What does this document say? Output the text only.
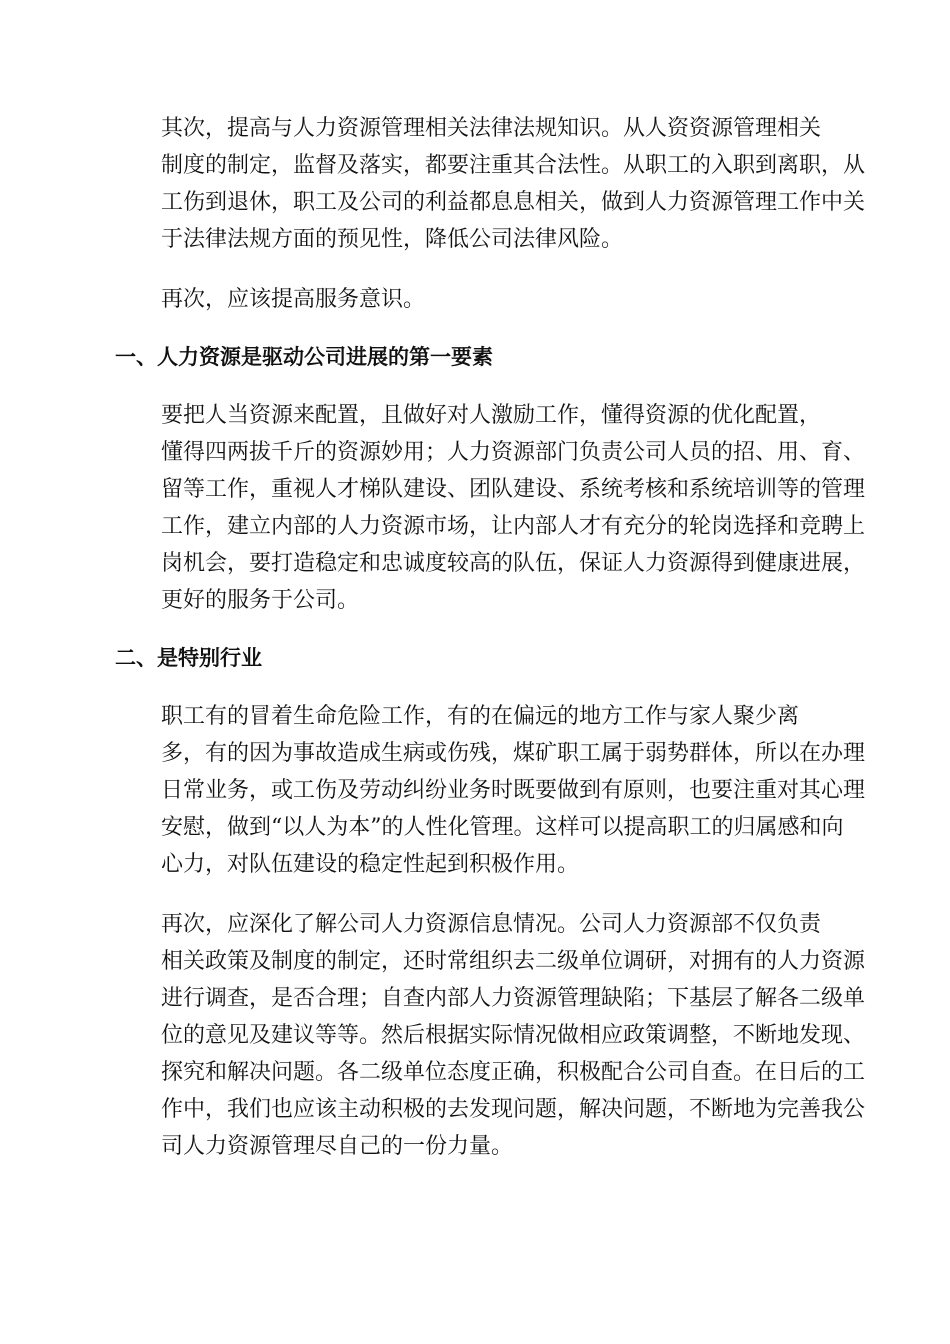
其次，提高与人力资源管理相关法律法规知识。从人资资源管理相关
制度的制定，监督及落实，都要注重其合法性。从职工的入职到离职，从
工伤到退休，职工及公司的利益都息息相关，做到人力资源管理工作中关
于法律法规方面的预见性，降低公司法律风险。
再次，应该提高服务意识。
一、人力资源是驱动公司进展的第一要素
要把人当资源来配置，且做好对人激励工作，懂得资源的优化配置，
懂得四两拔千斤的资源妙用；人力资源部门负责公司人员的招、用、育、
留等工作，重视人才梯队建设、团队建设、系统考核和系统培训等的管理
工作，建立内部的人力资源市场，让内部人才有充分的轮岗选择和竞聘上
岗机会，要打造稳定和忠诚度较高的队伍，保证人力资源得到健康进展，
更好的服务于公司。
二、是特别行业
职工有的冒着生命危险工作，有的在偏远的地方工作与家人聚少离
多，有的因为事故造成生病或伤残，煤矿职工属于弱势群体，所以在办理
日常业务，或工伤及劳动纠纷业务时既要做到有原则，也要注重对其心理
安慰，做到“以人为本”的人性化管理。这样可以提高职工的归属感和向
心力，对队伍建设的稳定性起到积极作用。
再次，应深化了解公司人力资源信息情况。公司人力资源部不仅负责
相关政策及制度的制定，还时常组织去二级单位调研，对拥有的人力资源
进行调查，是否合理；自查内部人力资源管理缺陷；下基层了解各二级单
位的意见及建议等等。然后根据实际情况做相应政策调整，不断地发现、
探究和解决问题。各二级单位态度正确，积极配合公司自查。在日后的工
作中，我们也应该主动积极的去发现问题，解决问题，不断地为完善我公
司人力资源管理尽自己的一份力量。
